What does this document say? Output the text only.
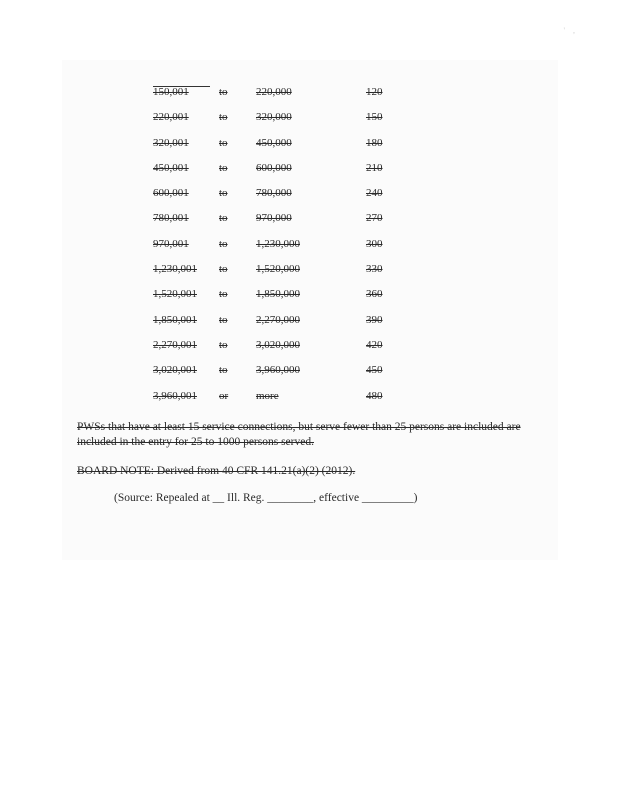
' ,
150,001	to	220,000	120
220,001	to	320,000	150
320,001	to	450,000	180
450,001	to	600,000	210
600,001	to	780,000	240
780,001	to	970,000	270
970,001	to	1,230,000	300
1,230,001 to	1,520,000	330
1,520,001 to	1,850,000	360
1,850,001 to	2,270,000	390
2,270,001 to	3,020,000	420
3,020,001 to	3,960,000	450
3,960,001 or	more	480

PWSs that have at least 15 service connections, but serve fewer than 25 persons are included are included in the entry for 25 to 1000 persons served.

BOARD NOTE: Derived from 40 CFR 141.21(a)(2) (2012).

(Source: Repealed at __ Ill. Reg. ________, effective _________)
